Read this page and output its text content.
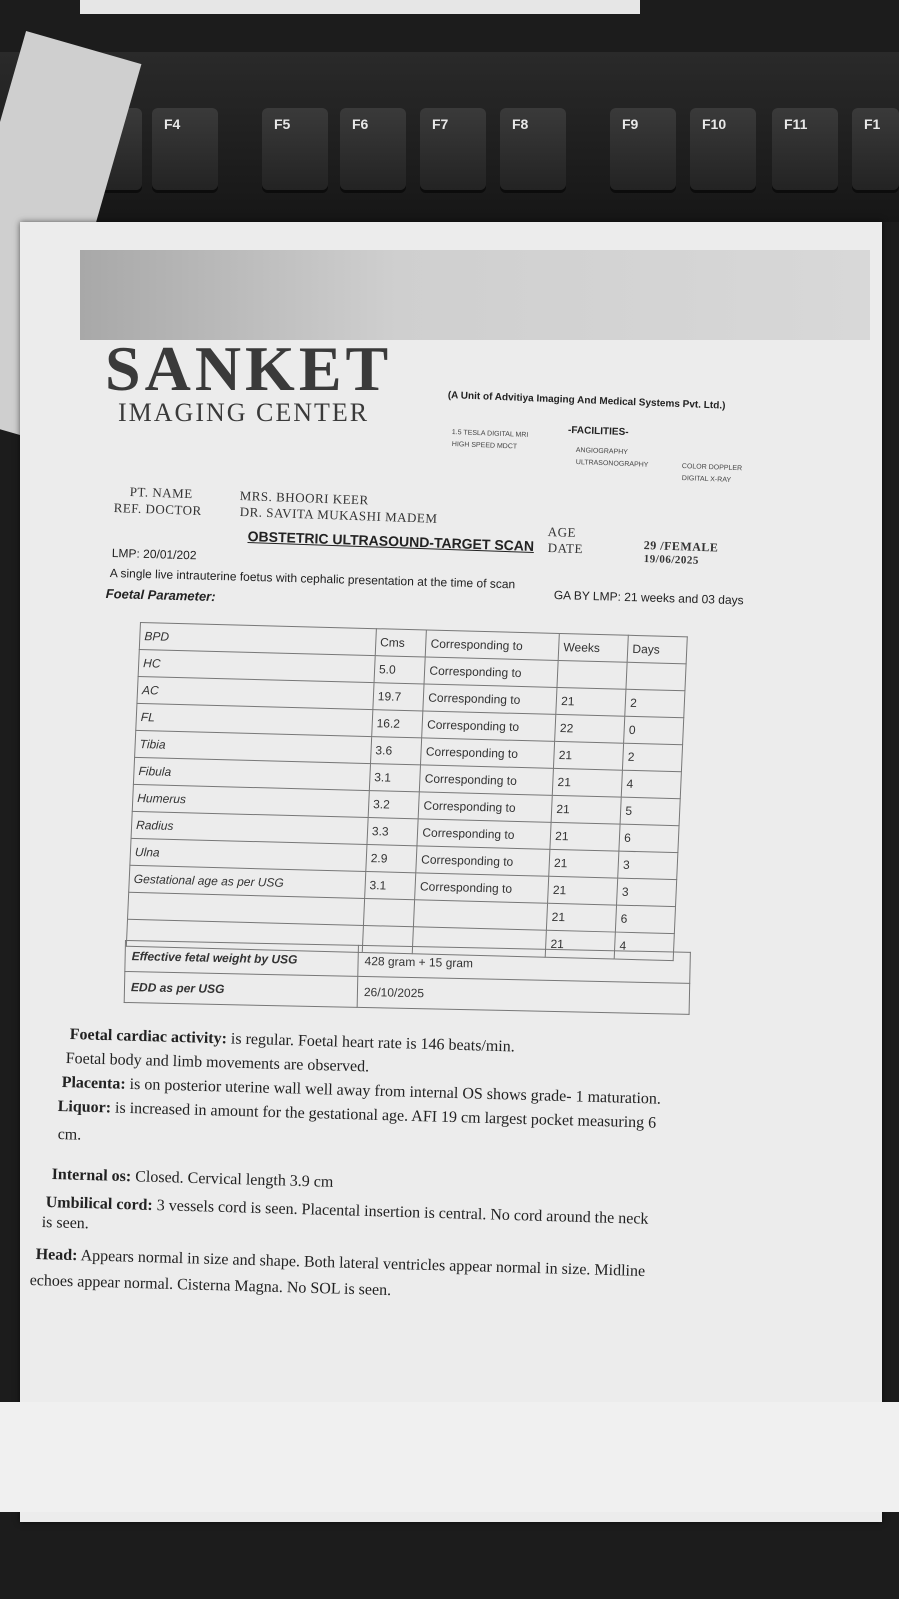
F4	F5	F6	F7	F8	F9	F10	F11	F1
SANKET
IMAGING CENTER	(A Unit of Advitiya Imaging And Medical Systems Pvt. Ltd.)
-FACILITIES-
1.5 TESLA DIGITAL MRI
HIGH SPEED MDCT
ANGIOGRAPHY
ULTRASONOGRAPHY	COLOR DOPPLER
DIGITAL X-RAY
PT. NAME	MRS. BHOORI KEER
REF. DOCTOR	DR. SAVITA MUKASHI MADEM
AGE
DATE	29 /FEMALE
19/06/2025
OBSTETRIC ULTRASOUND-TARGET SCAN
LMP: 20/01/202
GA BY LMP: 21 weeks and 03 days
A single live intrauterine foetus with cephalic presentation at the time of scan
Foetal Parameter:
BPD	Cms	Corresponding to	Weeks	Days
HC	5.0	Corresponding to		
AC	19.7	Corresponding to	21	2
FL	16.2	Corresponding to	22	0
Tibia	3.6	Corresponding to	21	2
Fibula	3.1	Corresponding to	21	4
Humerus	3.2	Corresponding to	21	5
Radius	3.3	Corresponding to	21	6
Ulna	2.9	Corresponding to	21	3
Gestational age as per USG	3.1	Corresponding to	21	3
			21	6
			21	4
Effective fetal weight by USG	428 gram + 15 gram
EDD as per USG	26/10/2025
Foetal cardiac activity: is regular. Foetal heart rate is 146 beats/min.
Foetal body and limb movements are observed.
Placenta: is on posterior uterine wall well away from internal OS shows grade- 1 maturation.
Liquor: is increased in amount for the gestational age. AFI 19 cm largest pocket measuring 6
cm.
Internal os: Closed. Cervical length 3.9 cm
Umbilical cord: 3 vessels cord is seen. Placental insertion is central. No cord around the neck
is seen.
Head: Appears normal in size and shape. Both lateral ventricles appear normal in size. Midline
echoes appear normal. Cisterna Magna. No SOL is seen.
